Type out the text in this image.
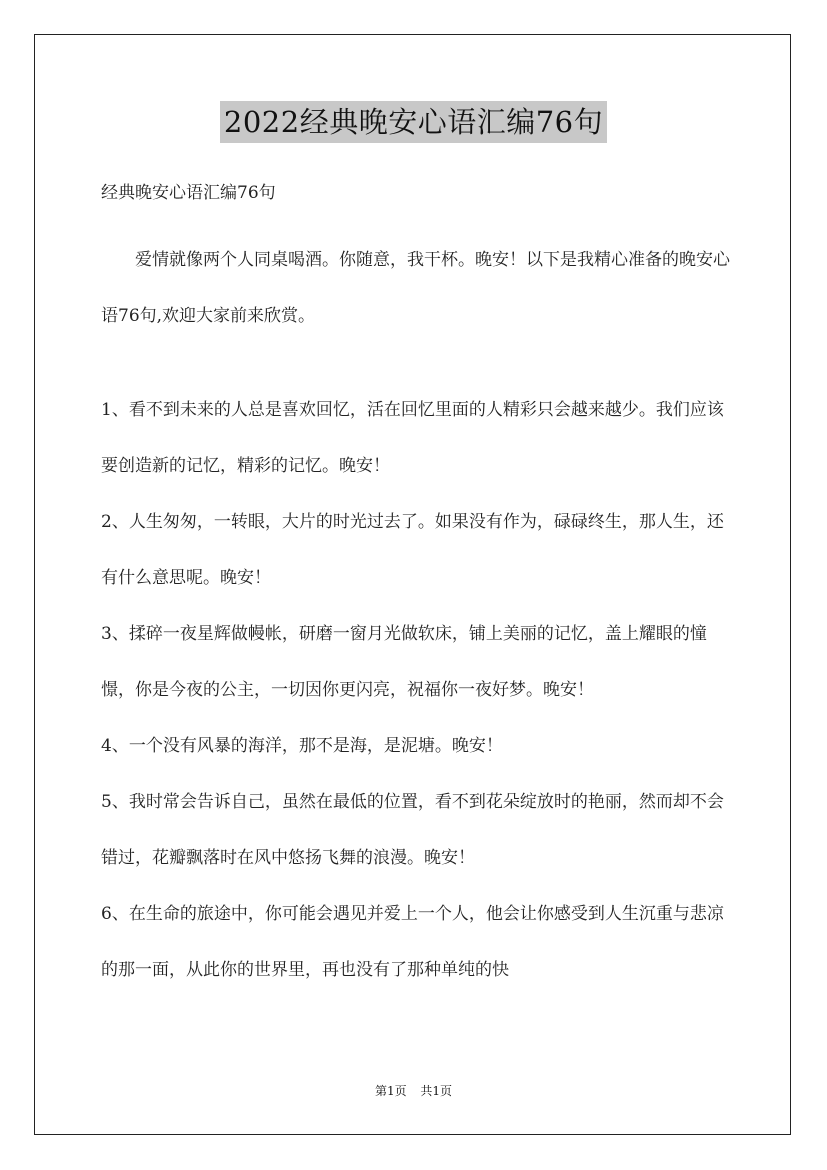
2022经典晚安心语汇编76句
经典晚安心语汇编76句

爱情就像两个人同桌喝酒。你随意，我干杯。晚安！以下是我精心准备的晚安心语76句,欢迎大家前来欣赏。

1、看不到未来的人总是喜欢回忆，活在回忆里面的人精彩只会越来越少。我们应该要创造新的记忆，精彩的记忆。晚安！

2、人生匆匆，一转眼，大片的时光过去了。如果没有作为，碌碌终生，那人生，还有什么意思呢。晚安！

3、揉碎一夜星辉做幔帐，研磨一窗月光做软床，铺上美丽的记忆，盖上耀眼的憧憬，你是今夜的公主，一切因你更闪亮，祝福你一夜好梦。晚安！

4、一个没有风暴的海洋，那不是海，是泥塘。晚安！

5、我时常会告诉自己，虽然在最低的位置，看不到花朵绽放时的艳丽，然而却不会错过，花瓣飘落时在风中悠扬飞舞的浪漫。晚安！

6、在生命的旅途中，你可能会遇见并爱上一个人，他会让你感受到人生沉重与悲凉的那一面，从此你的世界里，再也没有了那种单纯的快

第1页 共1页
